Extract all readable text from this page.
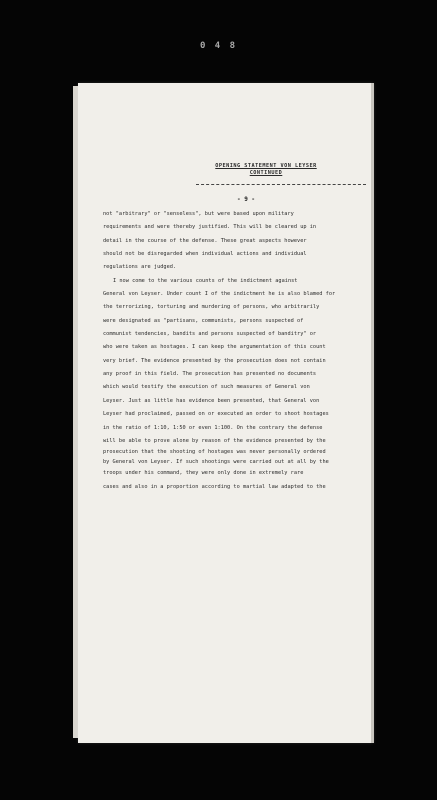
0 4 8
OPENING STATEMENT VON LEYSER
CONTINUED
- 9 -
not "arbitrary" or "senseless", but were based upon military
requirements and were thereby justified. This will be cleared up in
detail in the course of the defense. These great aspects however
should not be disregarded when individual actions and individual
regulations are judged.
I now come to the various counts of the indictment against
General von Leyser. Under count I of the indictment he is also blamed for
the terrorizing, torturing and murdering of persons, who arbitrarily
were designated as "partisans, communists, persons suspected of
communist tendencies, bandits and persons suspected of banditry" or
who were taken as hostages. I can keep the argumentation of this count
very brief. The evidence presented by the prosecution does not contain
any proof in this field. The prosecution has presented no documents
which would testify the execution of such measures of General von
Leyser. Just as little has evidence been presented, that General von
Leyser had proclaimed, passed on or executed an order to shoot hostages
in the ratio of 1:10, 1:50 or even 1:100. On the contrary the defense
will be able to prove alone by reason of the evidence presented by the
prosecution that the shooting of hostages was never personally ordered
by General von Leyser. If such shootings were carried out at all by the
troops under his command, they were only done in extremely rare
cases and also in a proportion according to martial law adapted to the
